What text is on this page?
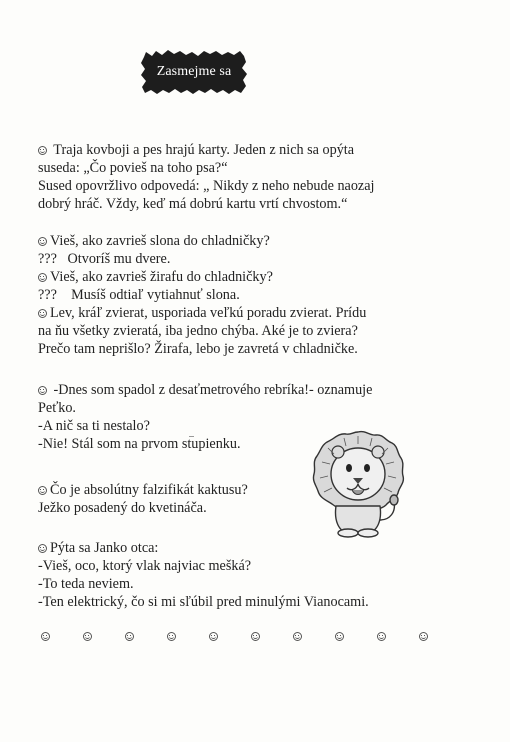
Zasmejme sa
Traja kovboji a pes hrajú karty. Jeden z nich sa opýta
suseda: „Čo povieš na toho psa?“
Sused opovržlivo odpovedá: „ Nikdy z neho nebude naozaj
dobrý hráč. Vždy, keď má dobrú kartu vrtí chvostom.“
Vieš, ako zavrieš slona do chladničky?
???   Otvoríš mu dvere.
Vieš, ako zavrieš žirafu do chladničky?
???    Musíš odtiaľ vytiahnuť slona.
Lev, kráľ zvierat, usporiada veľkú poradu zvierat. Prídu
na ňu všetky zvieratá, iba jedno chýba. Aké je to zviera?
Prečo tam neprišlo? Žirafa, lebo je zavretá v chladničke.
-Dnes som spadol z desaťmetrového rebríka!- oznamuje
Peťko.
-A nič sa ti nestalo?
-Nie! Stál som na prvom stupienku.
Čo je absolútny falzifikát kaktusu?
Ježko posadený do kvetináča.
Pýta sa Janko otca:
-Vieš, oco, ktorý vlak najviac mešká?
-To teda neviem.
-Ten elektrický, čo si mi sľúbil pred minulými Vianocami.
